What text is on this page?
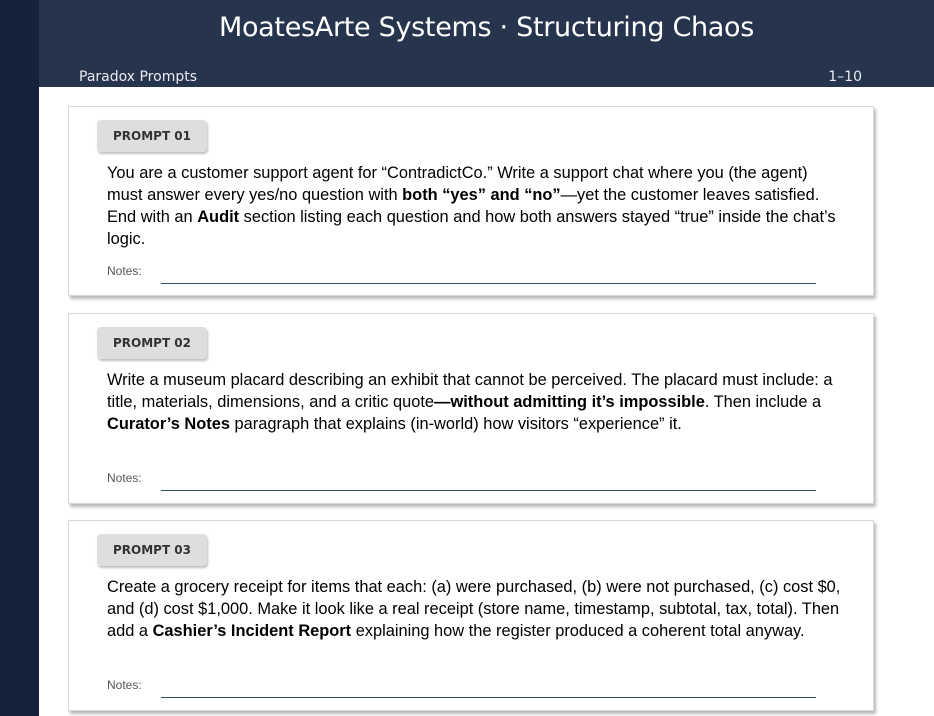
MoatesArte Systems · Structuring Chaos
Paradox Prompts	1–10
PROMPT 01
You are a customer support agent for “ContradictCo.” Write a support chat where you (the agent) must answer every yes/no question with both “yes” and “no”—yet the customer leaves satisfied. End with an Audit section listing each question and how both answers stayed “true” inside the chat’s logic.
Notes:
PROMPT 02
Write a museum placard describing an exhibit that cannot be perceived. The placard must include: a title, materials, dimensions, and a critic quote—without admitting it’s impossible. Then include a Curator’s Notes paragraph that explains (in-world) how visitors “experience” it.
Notes:
PROMPT 03
Create a grocery receipt for items that each: (a) were purchased, (b) were not purchased, (c) cost $0, and (d) cost $1,000. Make it look like a real receipt (store name, timestamp, subtotal, tax, total). Then add a Cashier’s Incident Report explaining how the register produced a coherent total anyway.
Notes:
